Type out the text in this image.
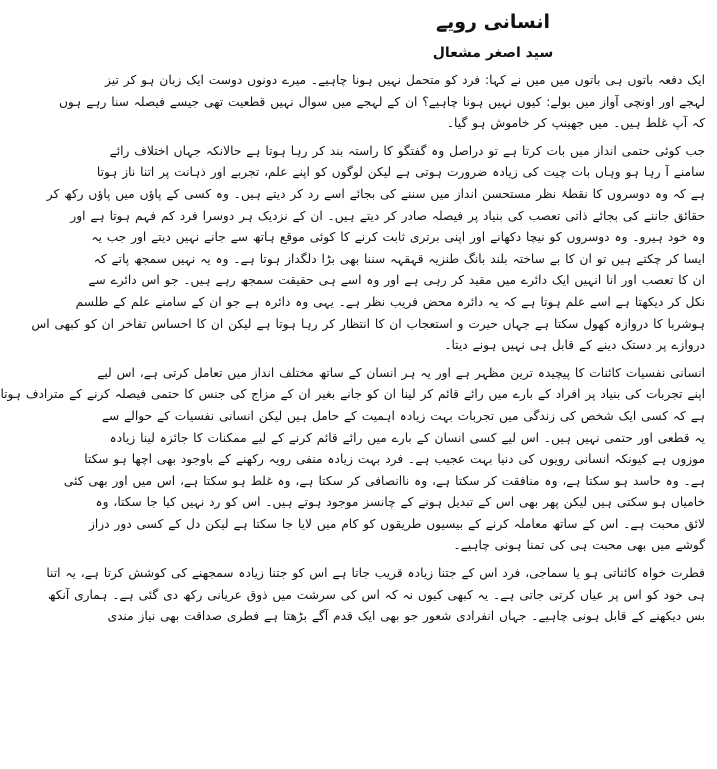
انسانی رویے
سید اصغر مشعال
ایک دفعہ باتوں ہی باتوں میں میں نے کہا: فرد کو متحمل نہیں ہونا چاہیے۔ میرے دونوں دوست ایک زبان ہو کر تیز
لہجے اور اونچی آواز میں بولے: کیوں نہیں ہونا چاہیے؟ ان کے لہجے میں سوال نہیں قطعیت تھی جیسے فیصلہ سنا رہے ہوں
کہ آپ غلط ہیں۔ میں جھینپ کر خاموش ہو گیا۔
جب کوئی حتمی انداز میں بات کرتا ہے تو دراصل وہ گفتگو کا راستہ بند کر رہا ہوتا ہے حالانکہ جہاں اختلاف رائے
سامنے آ رہا ہو وہاں بات چیت کی زیادہ ضرورت ہوتی ہے لیکن لوگوں کو اپنے علم، تجربے اور ذہانت پر اتنا ناز ہوتا
ہے کہ وہ دوسروں کا نقطۂ نظر مستحسن انداز میں سننے کی بجائے اسے رد کر دیتے ہیں۔ وہ کسی کے پاؤں میں پاؤں رکھ کر
حقائق جاننے کی بجائے ذاتی تعصب کی بنیاد پر فیصلہ صادر کر دیتے ہیں۔ ان کے نزدیک ہر دوسرا فرد کم فہم ہوتا ہے اور
وہ خود ہیرو۔ وہ دوسروں کو نیچا دکھانے اور اپنی برتری ثابت کرنے کا کوئی موقع ہاتھ سے جانے نہیں دیتے اور جب یہ
ایسا کر چکتے ہیں تو ان کا بے ساختہ بلند بانگ طنزیہ قہقہہ سننا بھی بڑا دلگداز ہوتا ہے۔ وہ یہ نہیں سمجھ پاتے کہ
ان کا تعصب اور انا انہیں ایک دائرے میں مقید کر رہی ہے اور وہ اسے ہی حقیقت سمجھ رہے ہیں۔ جو اس دائرے سے
نکل کر دیکھتا ہے اسے علم ہوتا ہے کہ یہ دائرہ محض فریب نظر ہے۔ یہی وہ دائرہ ہے جو ان کے سامنے علم کے طلسم
ہوشربا کا دروازہ کھول سکتا ہے جہاں حیرت و استعجاب ان کا انتظار کر رہا ہوتا ہے لیکن ان کا احساس تفاخر ان کو کبھی اس
دروازے پر دستک دینے کے قابل ہی نہیں ہونے دیتا۔
انسانی نفسیات کائنات کا پیچیدہ ترین مظہر ہے اور یہ ہر انسان کے ساتھ مختلف انداز میں تعامل کرتی ہے، اس لیے
اپنے تجربات کی بنیاد پر افراد کے بارے میں رائے قائم کر لینا ان کو جانے بغیر ان کے مزاج کی جنس کا حتمی فیصلہ کرنے کے مترادف ہوتا
ہے کہ کسی ایک شخص کی زندگی میں تجربات بہت زیادہ اہمیت کے حامل ہیں لیکن انسانی نفسیات کے حوالے سے
یہ قطعی اور حتمی نہیں ہیں۔ اس لیے کسی انسان کے بارے میں رائے قائم کرنے کے لیے ممکنات کا جائزہ لینا زیادہ
موزوں ہے کیونکہ انسانی رویوں کی دنیا بہت عجیب ہے۔ فرد بہت زیادہ منفی رویہ رکھنے کے باوجود بھی اچھا ہو سکتا
ہے۔ وہ حاسد ہو سکتا ہے، وہ منافقت کر سکتا ہے، وہ ناانصافی کر سکتا ہے، وہ غلط ہو سکتا ہے، اس میں اور بھی کئی
خامیاں ہو سکتی ہیں لیکن پھر بھی اس کے تبدیل ہونے کے چانسز موجود ہوتے ہیں۔ اس کو رد نہیں کیا جا سکتا، وہ
لائق محبت ہے۔ اس کے ساتھ معاملہ کرنے کے بیسیوں طریقوں کو کام میں لایا جا سکتا ہے لیکن دل کے کسی دور دراز
گوشے میں بھی محبت ہی کی تمنا ہونی چاہیے۔
فطرت خواہ کائناتی ہو یا سماجی، فرد اس کے جتنا زیادہ قریب جاتا ہے اس کو جتنا زیادہ سمجھنے کی کوشش کرتا ہے، یہ اتنا
ہی خود کو اس پر عیاں کرتی جاتی ہے۔ یہ کبھی کیوں نہ کہ اس کی سرشت میں ذوق عریانی رکھ دی گئی ہے۔ ہماری آنکھ
بس دیکھنے کے قابل ہونی چاہیے۔ جہاں انفرادی شعور جو بھی ایک قدم آگے بڑھتا ہے فطری صداقت بھی نیاز مندی
